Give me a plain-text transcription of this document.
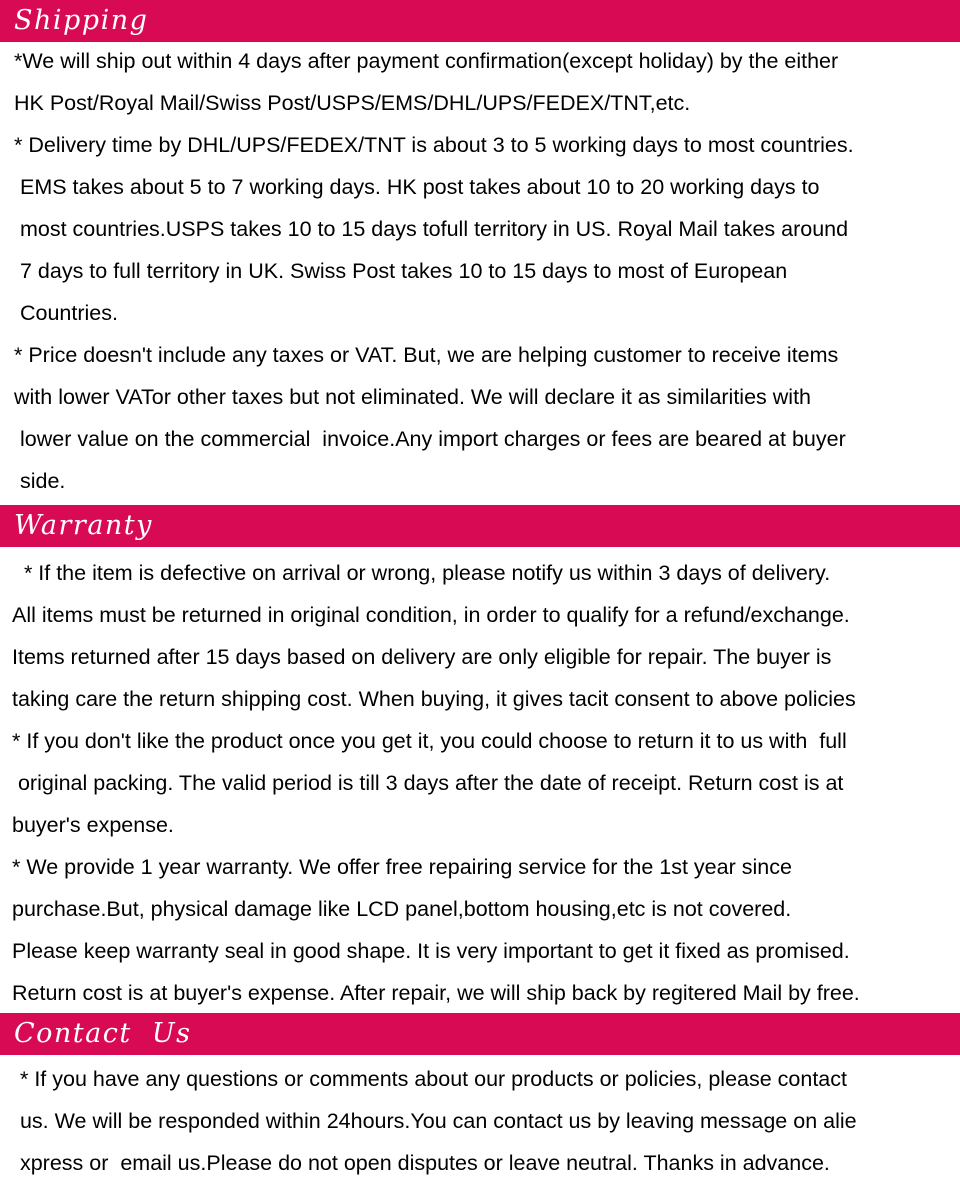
Shipping
*We will ship out within 4 days after payment confirmation(except holiday) by the either
HK Post/Royal Mail/Swiss Post/USPS/EMS/DHL/UPS/FEDEX/TNT,etc.
* Delivery time by DHL/UPS/FEDEX/TNT is about 3 to 5 working days to most countries.
EMS takes about 5 to 7 working days. HK post takes about 10 to 20 working days to
most countries.USPS takes 10 to 15 days tofull territory in US. Royal Mail takes around
7 days to full territory in UK. Swiss Post takes 10 to 15 days to most of European
Countries.
* Price doesn't include any taxes or VAT. But, we are helping customer to receive items
with lower VATor other taxes but not eliminated. We will declare it as similarities with
lower value on the commercial  invoice.Any import charges or fees are beared at buyer
side.
Warranty
* If the item is defective on arrival or wrong, please notify us within 3 days of delivery.
All items must be returned in original condition, in order to qualify for a refund/exchange.
Items returned after 15 days based on delivery are only eligible for repair. The buyer is
taking care the return shipping cost. When buying, it gives tacit consent to above policies
* If you don't like the product once you get it, you could choose to return it to us with  full
original packing. The valid period is till 3 days after the date of receipt. Return cost is at
buyer's expense.
* We provide 1 year warranty. We offer free repairing service for the 1st year since
purchase.But, physical damage like LCD panel,bottom housing,etc is not covered.
Please keep warranty seal in good shape. It is very important to get it fixed as promised.
Return cost is at buyer's expense. After repair, we will ship back by regitered Mail by free.
Contact  Us
* If you have any questions or comments about our products or policies, please contact
us. We will be responded within 24hours.You can contact us by leaving message on alie
xpress or  email us.Please do not open disputes or leave neutral. Thanks in advance.
